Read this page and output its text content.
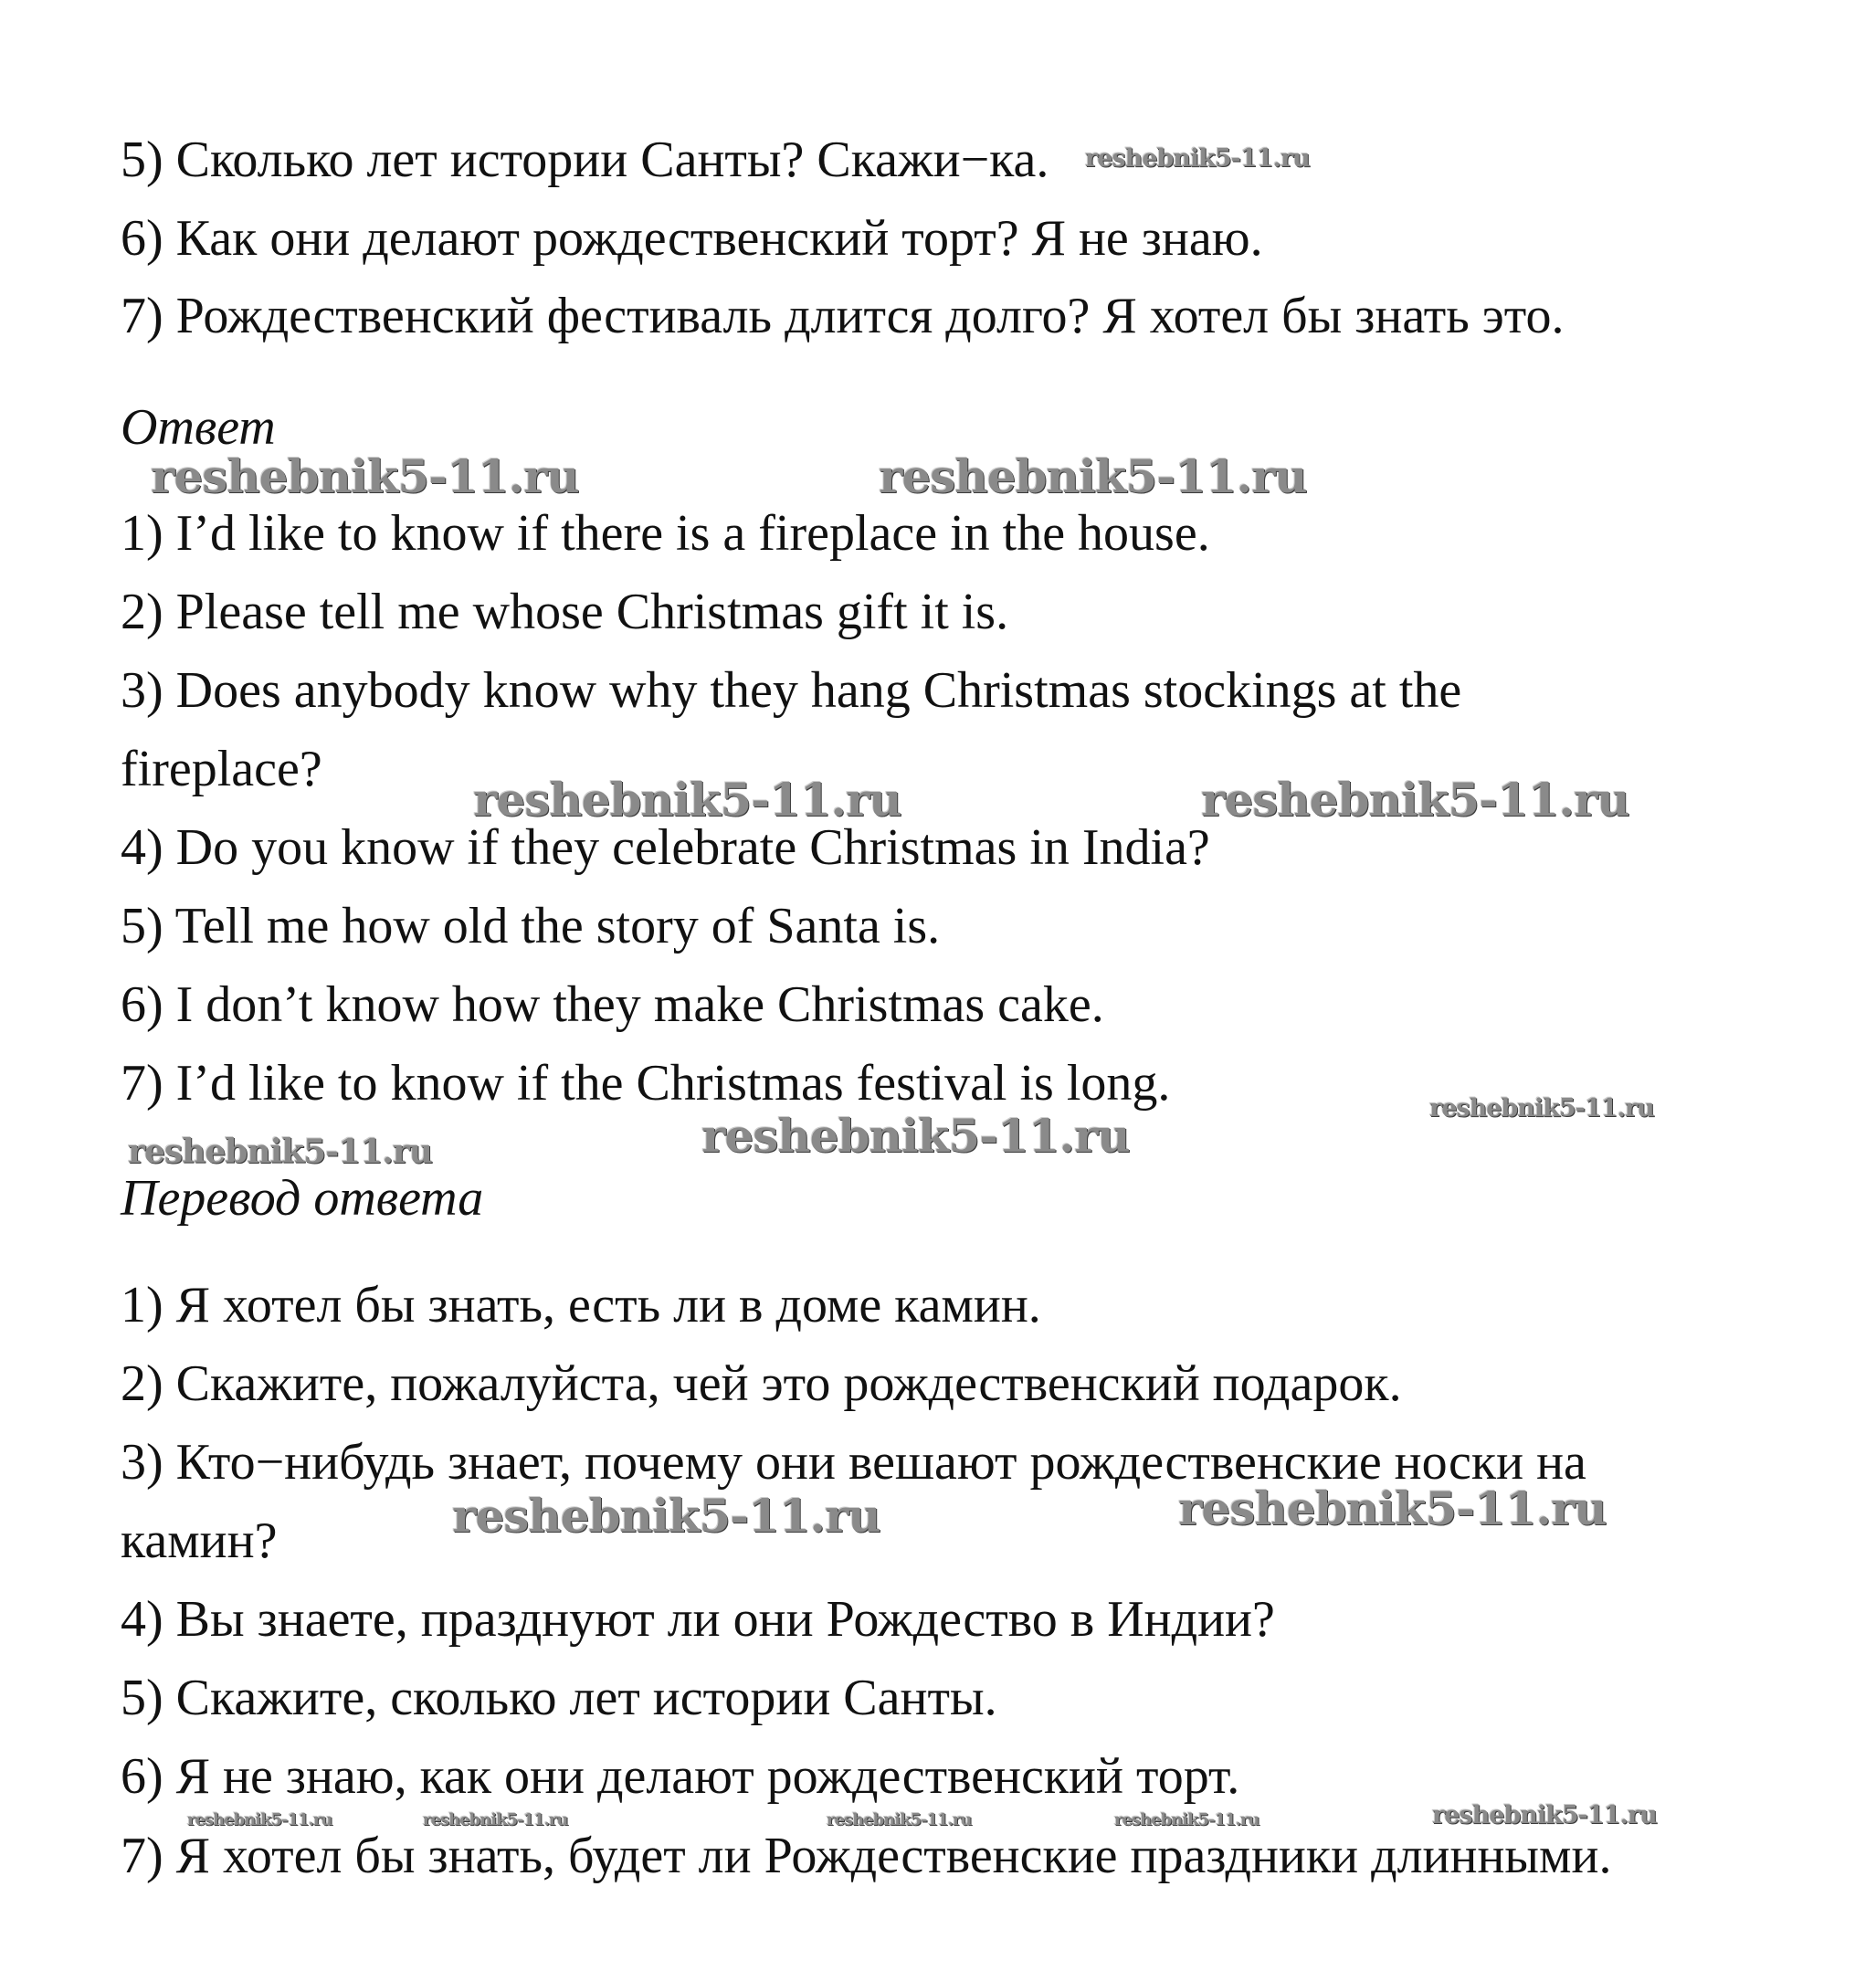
5) Сколько лет истории Санты? Скажи−ка.

6) Как они делают рождественский торт? Я не знаю.

7) Рождественский фестиваль длится долго? Я хотел бы знать это.

Ответ

1) I’d like to know if there is a fireplace in the house.

2) Please tell me whose Christmas gift it is.

3) Does anybody know why they hang Christmas stockings at the

fireplace?

4) Do you know if they celebrate Christmas in India?

5) Tell me how old the story of Santa is.

6) I don’t know how they make Christmas cake.

7) I’d like to know if the Christmas festival is long.

Перевод ответа

1) Я хотел бы знать, есть ли в доме камин.

2) Скажите, пожалуйста, чей это рождественский подарок.

3) Кто−нибудь знает, почему они вешают рождественские носки на

камин?

4) Вы знаете, празднуют ли они Рождество в Индии?

5) Скажите, сколько лет истории Санты.

6) Я не знаю, как они делают рождественский торт.

7) Я хотел бы знать, будет ли Рождественские праздники длинными.

reshebnik5-11.ru
reshebnik5-11.ru	reshebnik5-11.ru
reshebnik5-11.ru	reshebnik5-11.ru
reshebnik5-11.ru
reshebnik5-11.ru	reshebnik5-11.ru
reshebnik5-11.ru	reshebnik5-11.ru
reshebnik5-11.ru	reshebnik5-11.ru	reshebnik5-11.ru	reshebnik5-11.ru	reshebnik5-11.ru
